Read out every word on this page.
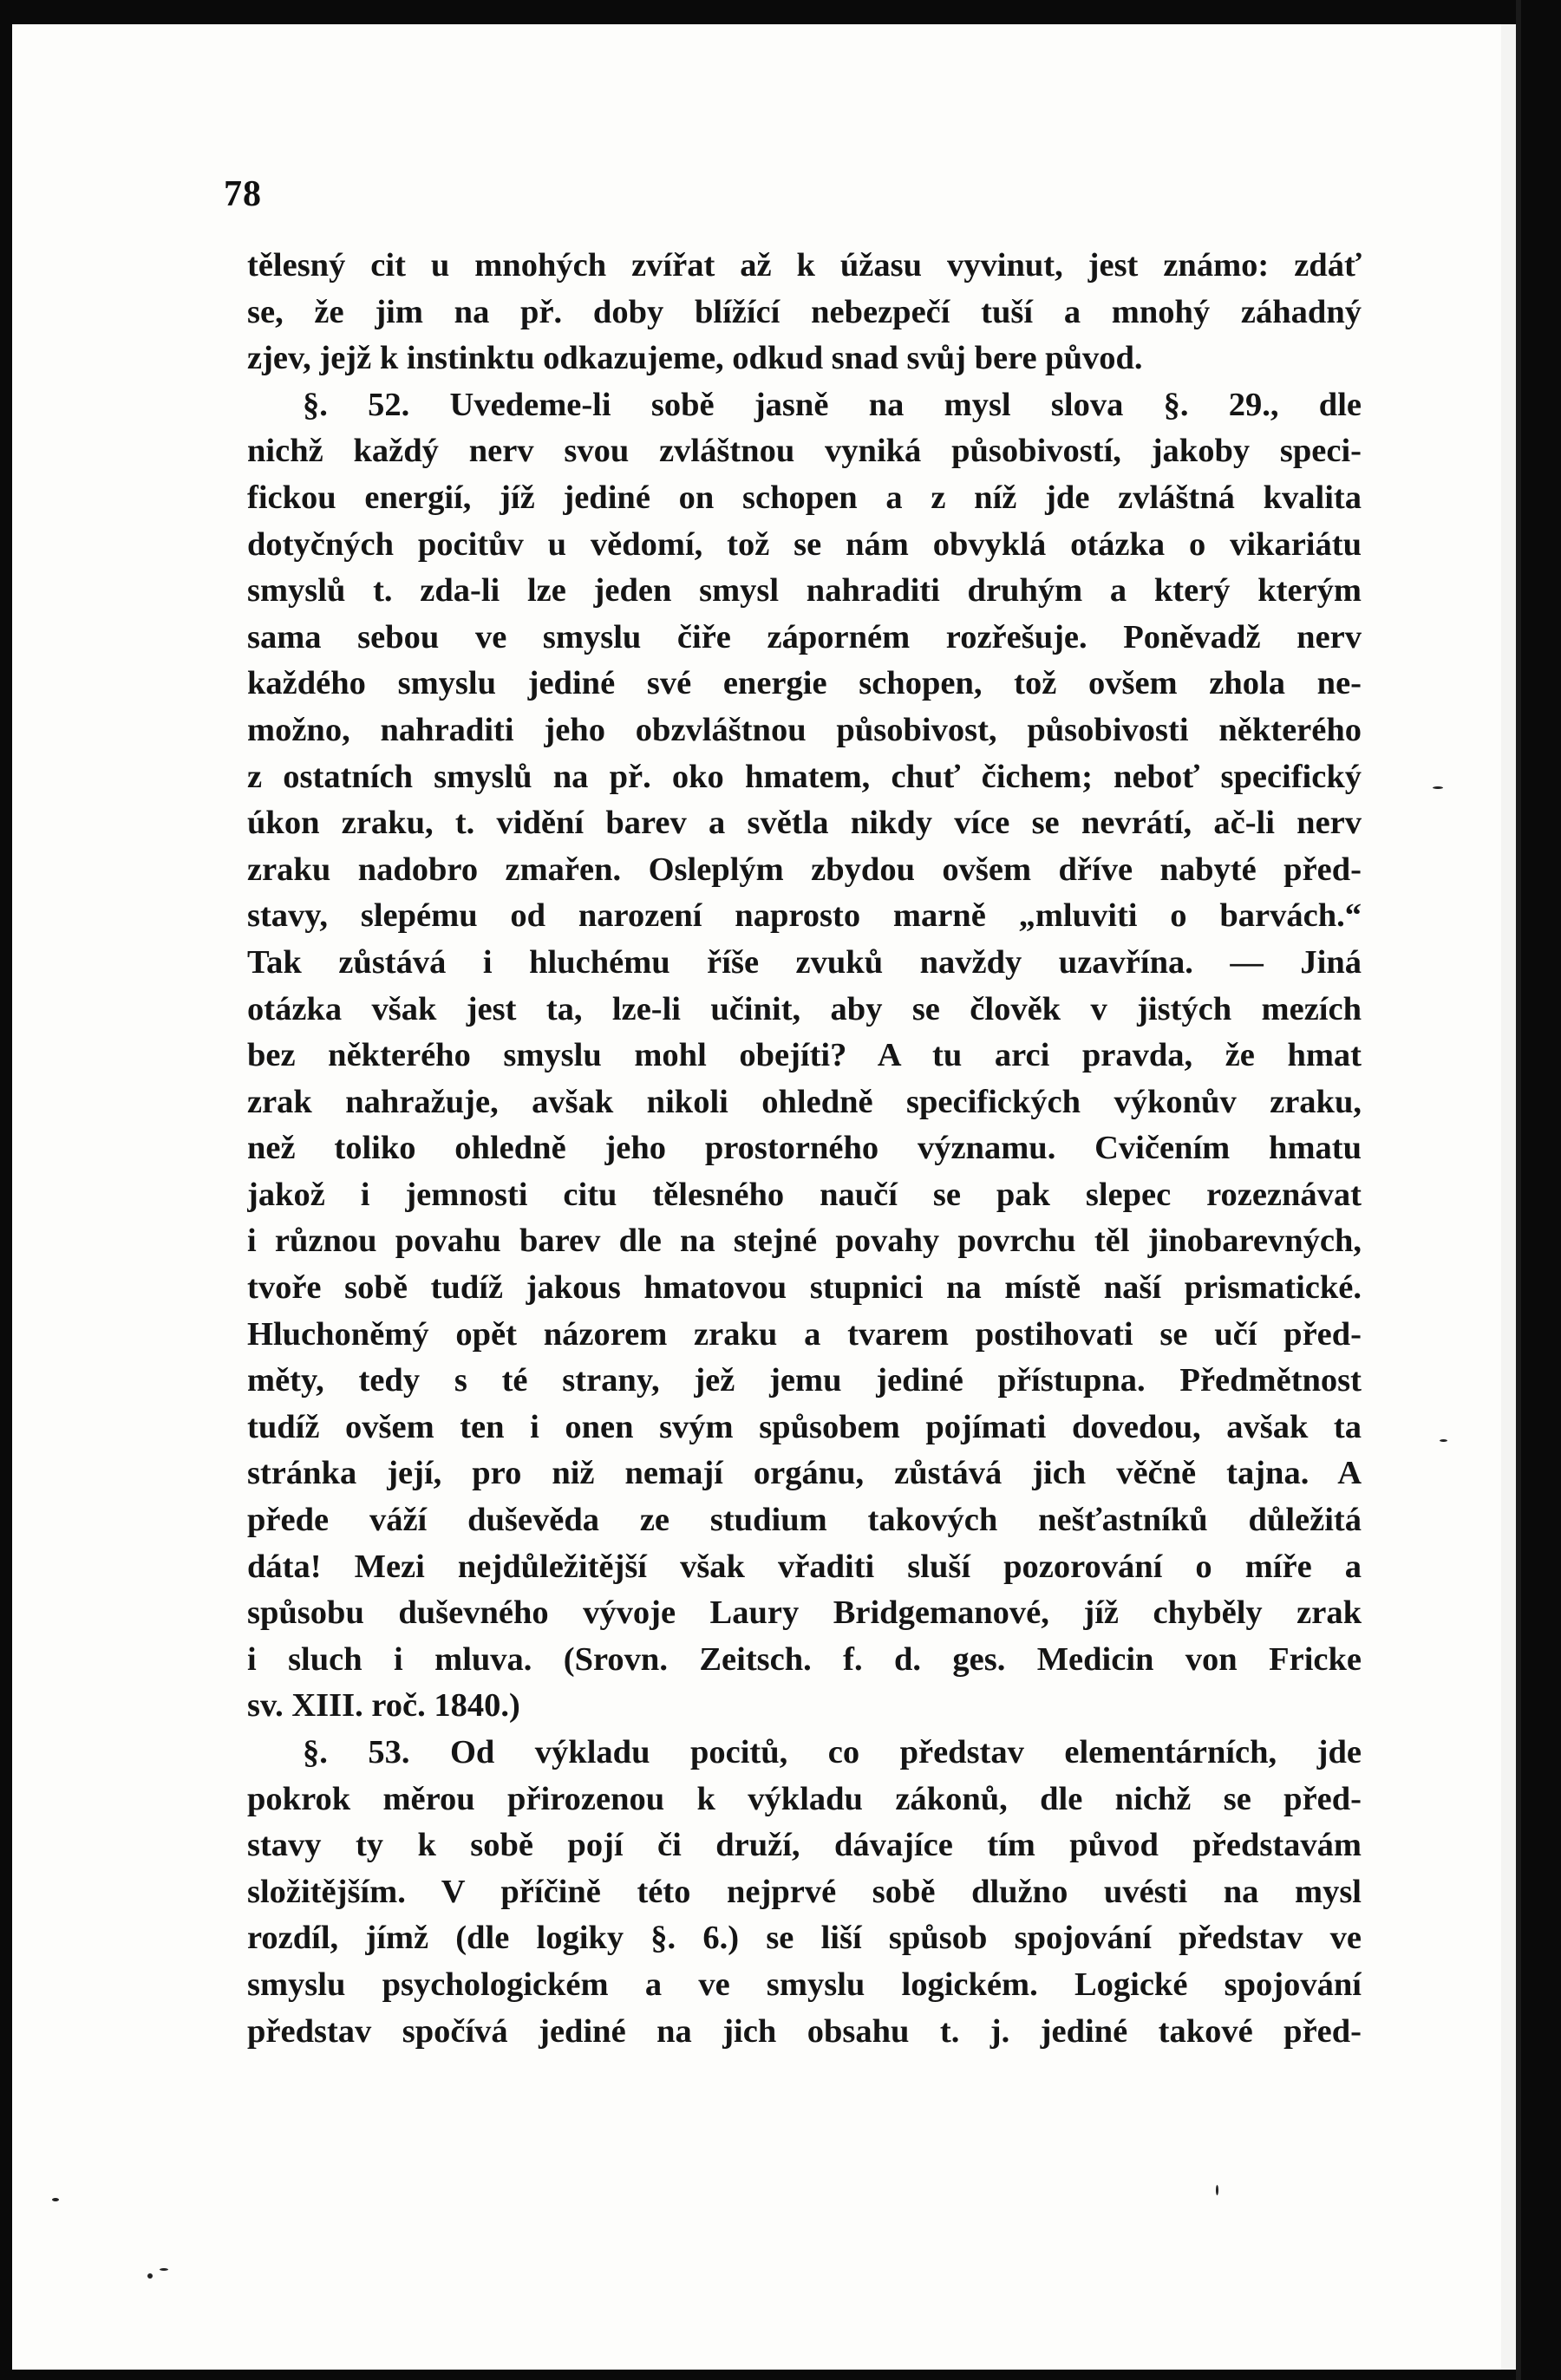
78
tělesný cit u mnohých zvířat až k úžasu vyvinut, jest známo: zdáť
se, že jim na př. doby blížící nebezpečí tuší a mnohý záhadný
zjev, jejž k instinktu odkazujeme, odkud snad svůj bere původ.
§. 52. Uvedeme-li sobě jasně na mysl slova §. 29., dle
nichž každý nerv svou zvláštnou vyniká působivostí, jakoby speci-
fickou energií, jíž jediné on schopen a z níž jde zvláštná kvalita
dotyčných pocitův u vědomí, tož se nám obvyklá otázka o vikariátu
smyslů t. zda-li lze jeden smysl nahraditi druhým a který kterým
sama sebou ve smyslu čiře záporném rozřešuje. Poněvadž nerv
každého smyslu jediné své energie schopen, tož ovšem zhola ne-
možno, nahraditi jeho obzvláštnou působivost, působivosti některého
z ostatních smyslů na př. oko hmatem, chuť čichem; neboť specifický
úkon zraku, t. vidění barev a světla nikdy více se nevrátí, ač-li nerv
zraku nadobro zmařen. Osleplým zbydou ovšem dříve nabyté před-
stavy, slepému od narození naprosto marně „mluviti o barvách.“
Tak zůstává i hluchému říše zvuků navždy uzavřína. — Jiná
otázka však jest ta, lze-li učinit, aby se člověk v jistých mezích
bez některého smyslu mohl obejíti? A tu arci pravda, že hmat
zrak nahražuje, avšak nikoli ohledně specifických výkonův zraku,
než toliko ohledně jeho prostorného významu. Cvičením hmatu
jakož i jemnosti citu tělesného naučí se pak slepec rozeznávat
i různou povahu barev dle na stejné povahy povrchu těl jinobarevných,
tvoře sobě tudíž jakous hmatovou stupnici na místě naší prismatické.
Hluchoněmý opět názorem zraku a tvarem postihovati se učí před-
měty, tedy s té strany, jež jemu jediné přístupna. Předmětnost
tudíž ovšem ten i onen svým spůsobem pojímati dovedou, avšak ta
stránka její, pro niž nemají orgánu, zůstává jich věčně tajna. A
přede váží duševěda ze studium takových nešťastníků důležitá
dáta! Mezi nejdůležitější však vřaditi sluší pozorování o míře a
spůsobu duševného vývoje Laury Bridgemanové, jíž chyběly zrak
i sluch i mluva. (Srovn. Zeitsch. f. d. ges. Medicin von Fricke
sv. XIII. roč. 1840.)
§. 53. Od výkladu pocitů, co představ elementárních, jde
pokrok měrou přirozenou k výkladu zákonů, dle nichž se před-
stavy ty k sobě pojí či druží, dávajíce tím původ představám
složitějším. V příčině této nejprvé sobě dlužno uvésti na mysl
rozdíl, jímž (dle logiky §. 6.) se liší spůsob spojování představ ve
smyslu psychologickém a ve smyslu logickém. Logické spojování
představ spočívá jediné na jich obsahu t. j. jediné takové před-
